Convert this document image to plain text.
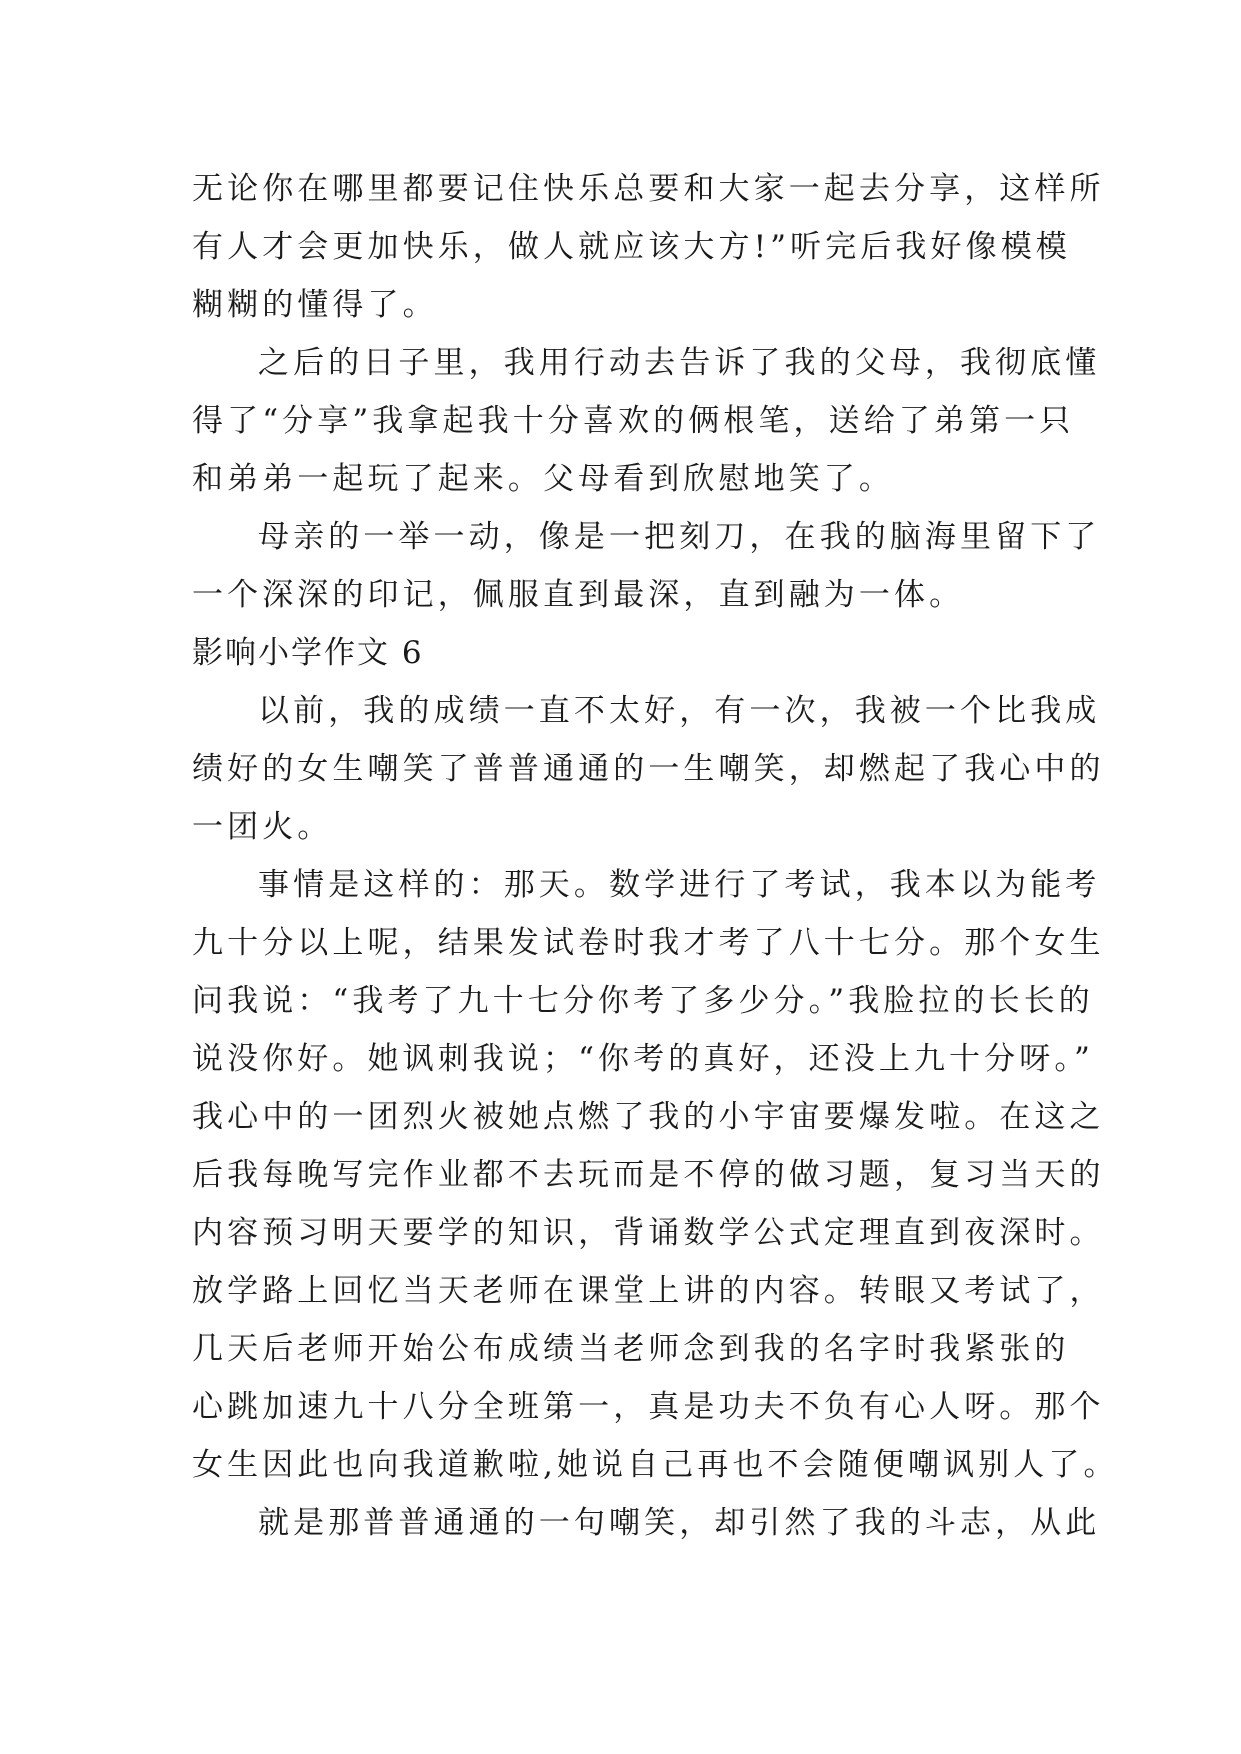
无论你在哪里都要记住快乐总要和大家一起去分享，这样所
有人才会更加快乐，做人就应该大方!”听完后我好像模模
糊糊的懂得了。
之后的日子里，我用行动去告诉了我的父母，我彻底懂
得了“分享”我拿起我十分喜欢的俩根笔，送给了弟第一只
和弟弟一起玩了起来。父母看到欣慰地笑了。
母亲的一举一动，像是一把刻刀，在我的脑海里留下了
一个深深的印记，佩服直到最深，直到融为一体。
影响小学作文 6
以前，我的成绩一直不太好，有一次，我被一个比我成
绩好的女生嘲笑了普普通通的一生嘲笑，却燃起了我心中的
一团火。
事情是这样的：那天。数学进行了考试，我本以为能考
九十分以上呢，结果发试卷时我才考了八十七分。那个女生
问我说：“我考了九十七分你考了多少分。”我脸拉的长长的
说没你好。她讽刺我说；“你考的真好，还没上九十分呀。”
我心中的一团烈火被她点燃了我的小宇宙要爆发啦。在这之
后我每晚写完作业都不去玩而是不停的做习题，复习当天的
内容预习明天要学的知识，背诵数学公式定理直到夜深时。
放学路上回忆当天老师在课堂上讲的内容。转眼又考试了，
几天后老师开始公布成绩当老师念到我的名字时我紧张的
心跳加速九十八分全班第一，真是功夫不负有心人呀。那个
女生因此也向我道歉啦,她说自己再也不会随便嘲讽别人了。
就是那普普通通的一句嘲笑，却引然了我的斗志，从此
